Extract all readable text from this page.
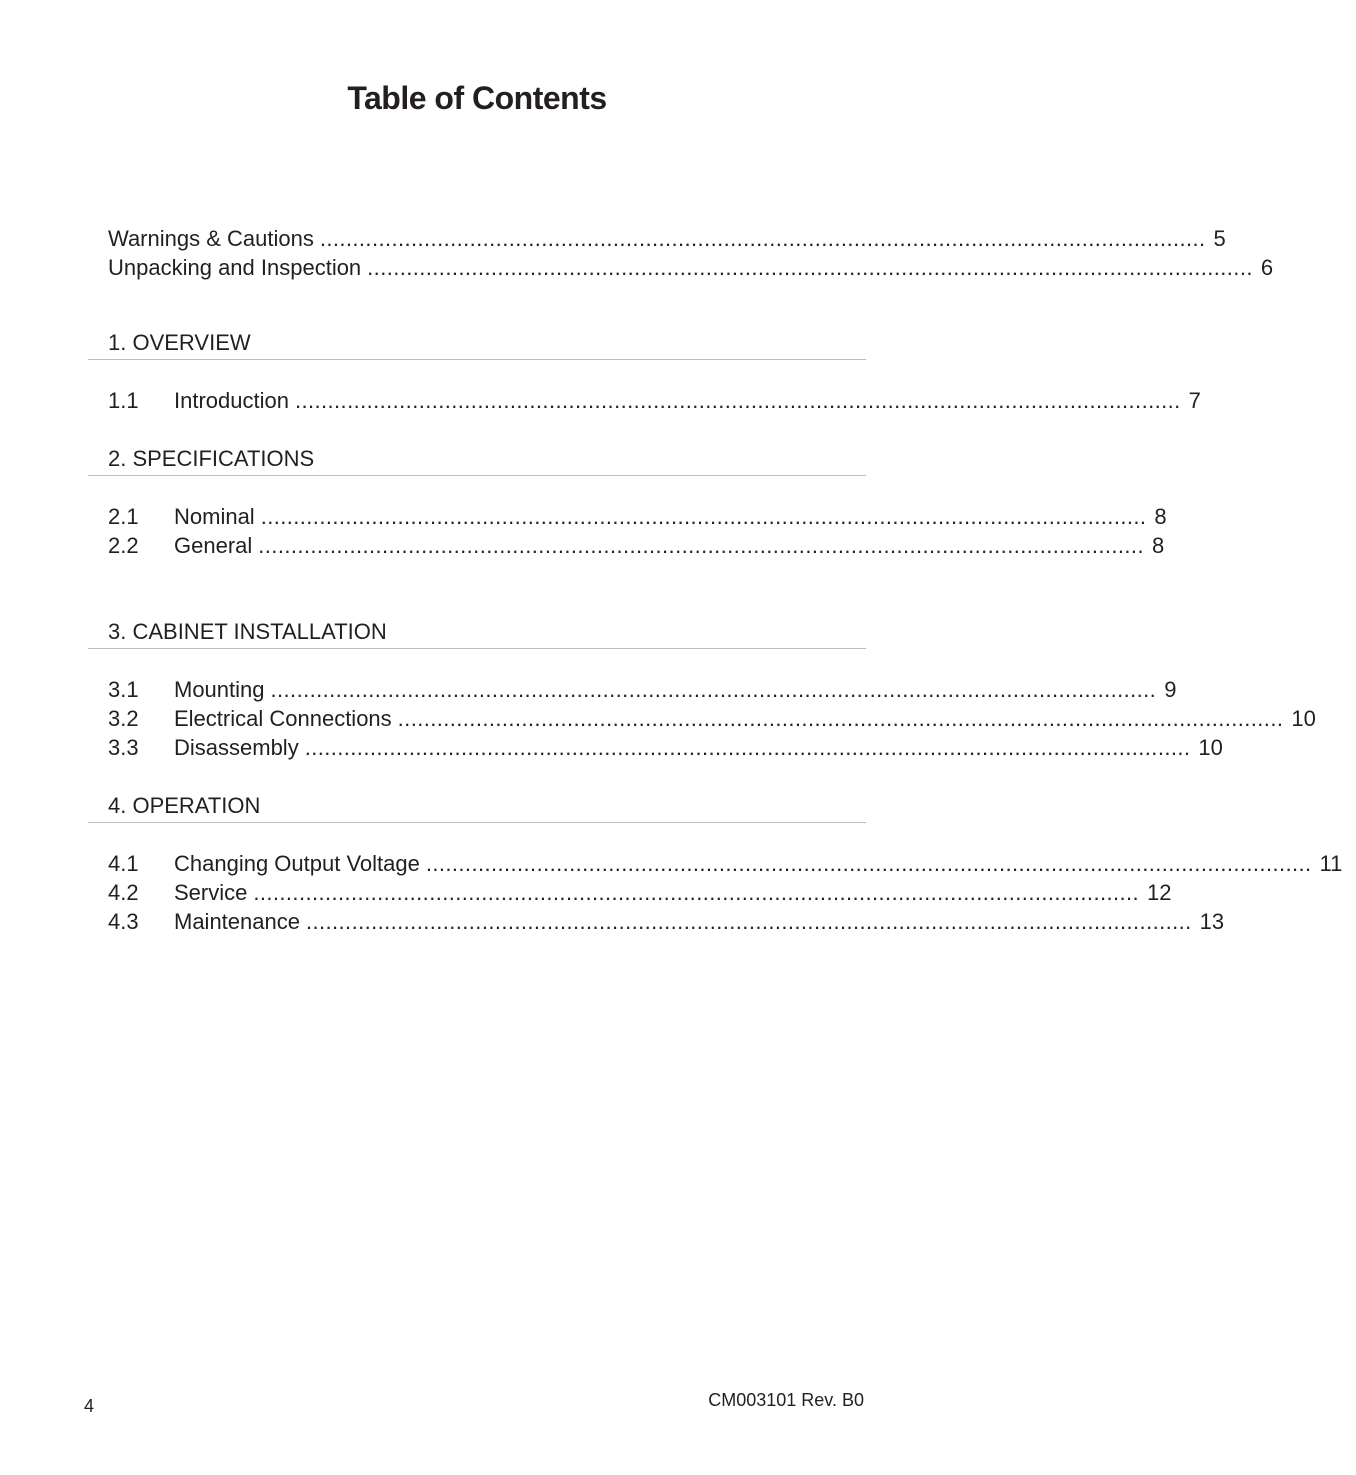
Table of Contents
Warnings & Cautions ........................................................................................................................................ 5
Unpacking and Inspection ........................................................................................................................................ 6
1. OVERVIEW
1.1	Introduction ........................................................................................................................................ 7
2. SPECIFICATIONS
2.1	Nominal ........................................................................................................................................ 8
2.2	General ........................................................................................................................................ 8
3. CABINET INSTALLATION
3.1	Mounting ........................................................................................................................................ 9
3.2	Electrical Connections ........................................................................................................................................ 10
3.3	Disassembly ........................................................................................................................................ 10
4. OPERATION
4.1	Changing Output Voltage ........................................................................................................................................ 11
4.2	Service ........................................................................................................................................ 12
4.3	Maintenance ........................................................................................................................................ 13
4	CM003101 Rev. B0
